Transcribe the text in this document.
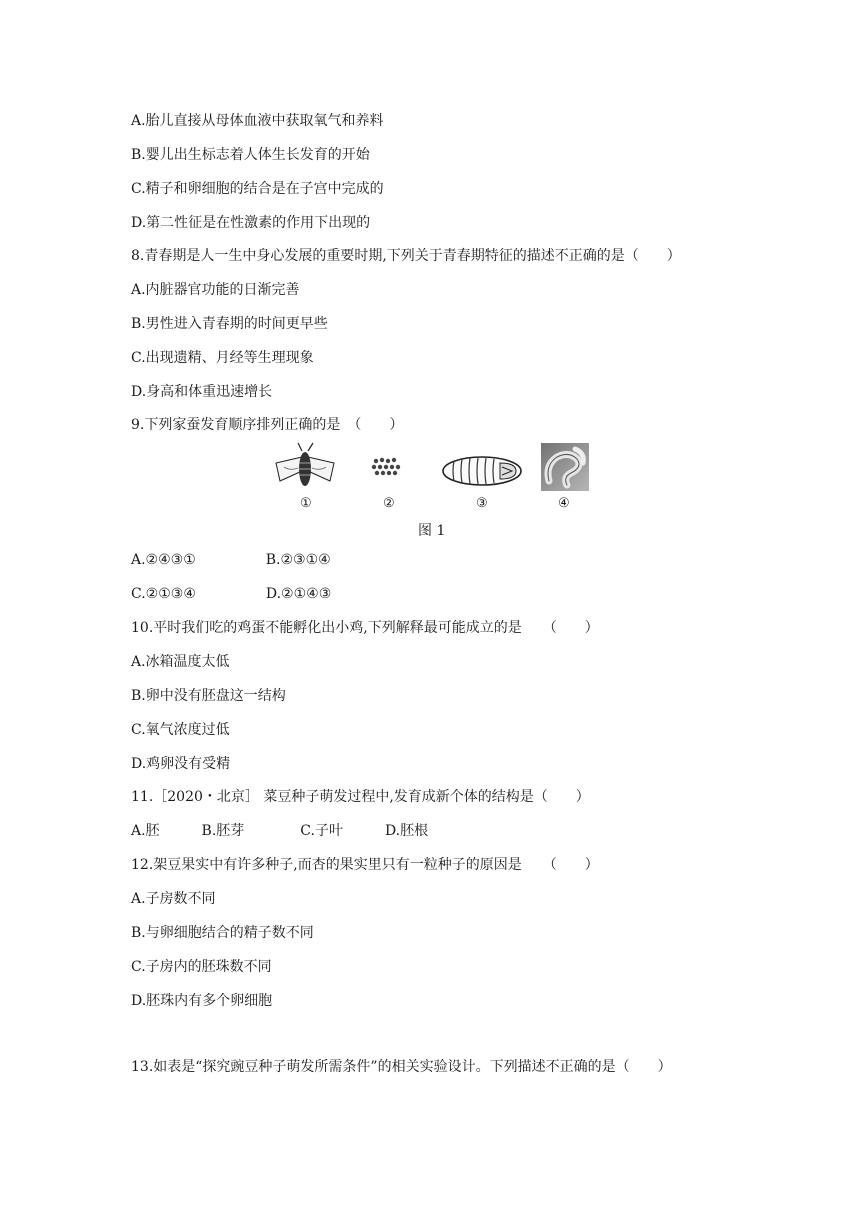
A.胎儿直接从母体血液中获取氧气和养料
B.婴儿出生标志着人体生长发育的开始
C.精子和卵细胞的结合是在子宫中完成的
D.第二性征是在性激素的作用下出现的
8.青春期是人一生中身心发展的重要时期,下列关于青春期特征的描述不正确的是（　　）
A.内脏器官功能的日渐完善
B.男性进入青春期的时间更早些
C.出现遗精、月经等生理现象
D.身高和体重迅速增长
9.下列家蚕发育顺序排列正确的是　（　　）
①	②	③	④
图 1
A.②④③①　　　　　B.②③①④
C.②①③④　　　　　D.②①④③
10.平时我们吃的鸡蛋不能孵化出小鸡,下列解释最可能成立的是　　（　　）
A.冰箱温度太低
B.卵中没有胚盘这一结构
C.氧气浓度过低
D.鸡卵没有受精
11.［2020・北京］ 菜豆种子萌发过程中,发育成新个体的结构是（　　）
A.胚　　　B.胚芽　　　　C.子叶　　　D.胚根
12.架豆果实中有许多种子,而杏的果实里只有一粒种子的原因是　　（　　）
A.子房数不同
B.与卵细胞结合的精子数不同
C.子房内的胚珠数不同
D.胚珠内有多个卵细胞
13.如表是“探究豌豆种子萌发所需条件”的相关实验设计。下列描述不正确的是（　　）
